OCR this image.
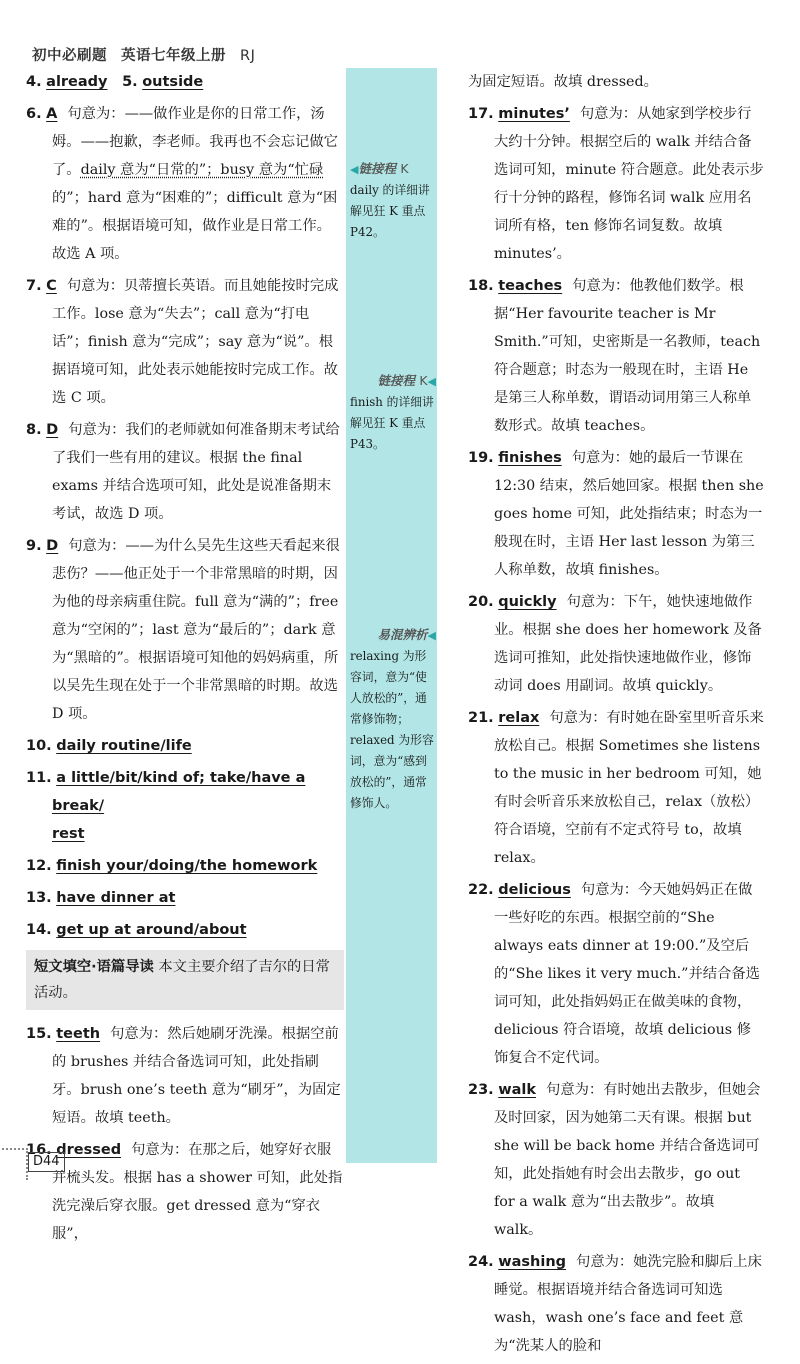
初中必刷题 英语七年级上册 RJ
4. already 5. outside
6. A 句意为：——做作业是你的日常工作，汤姆。——抱歉，李老师。我再也不会忘记做它了。daily 意为“日常的”；busy 意为“忙碌的”；hard 意为“困难的”；difficult 意为“困难的”。根据语境可知，做作业是日常工作。故选 A 项。
7. C 句意为：贝蒂擅长英语。而且她能按时完成工作。lose 意为“失去”；call 意为“打电话”；finish 意为“完成”；say 意为“说”。根据语境可知，此处表示她能按时完成工作。故选 C 项。
8. D 句意为：我们的老师就如何准备期末考试给了我们一些有用的建议。根据 the final exams 并结合选项可知，此处是说准备期末考试，故选 D 项。
9. D 句意为：——为什么吴先生这些天看起来很悲伤？——他正处于一个非常黑暗的时期，因为他的母亲病重住院。full 意为“满的”；free 意为“空闲的”；last 意为“最后的”；dark 意为“黑暗的”。根据语境可知他的妈妈病重，所以吴先生现在处于一个非常黑暗的时期。故选 D 项。
10. daily routine/life
11. a little/bit/kind of; take/have a break/
rest
12. finish your/doing/the homework
13. have dinner at
14. get up at around/about
短文填空·语篇导读 本文主要介绍了吉尔的日常活动。
15. teeth 句意为：然后她刷牙洗澡。根据空前的 brushes 并结合备选词可知，此处指刷牙。brush one’s teeth 意为“刷牙”，为固定短语。故填 teeth。
16. dressed 句意为：在那之后，她穿好衣服并梳头发。根据 has a shower 可知，此处指洗完澡后穿衣服。get dressed 意为“穿衣服”，
◀链接程 K
daily 的详细讲解见狂 K 重点 P42。
链接程 K◀
finish 的详细讲解见狂 K 重点 P43。
易混辨析◀
relaxing 为形容词，意为“使人放松的”，通常修饰物；relaxed 为形容词，意为“感到放松的”，通常修饰人。
为固定短语。故填 dressed。
17. minutes’ 句意为：从她家到学校步行大约十分钟。根据空后的 walk 并结合备选词可知，minute 符合题意。此处表示步行十分钟的路程，修饰名词 walk 应用名词所有格，ten 修饰名词复数。故填 minutes’。
18. teaches 句意为：他教他们数学。根据“Her favourite teacher is Mr Smith.”可知，史密斯是一名教师，teach 符合题意；时态为一般现在时，主语 He 是第三人称单数，谓语动词用第三人称单数形式。故填 teaches。
19. finishes 句意为：她的最后一节课在 12:30 结束，然后她回家。根据 then she goes home 可知，此处指结束；时态为一般现在时，主语 Her last lesson 为第三人称单数，故填 finishes。
20. quickly 句意为：下午，她快速地做作业。根据 she does her homework 及备选词可推知，此处指快速地做作业，修饰动词 does 用副词。故填 quickly。
21. relax 句意为：有时她在卧室里听音乐来放松自己。根据 Sometimes she listens to the music in her bedroom 可知，她有时会听音乐来放松自己，relax（放松）符合语境，空前有不定式符号 to，故填 relax。
22. delicious 句意为：今天她妈妈正在做一些好吃的东西。根据空前的“She always eats dinner at 19:00.”及空后的“She likes it very much.”并结合备选词可知，此处指妈妈正在做美味的食物，delicious 符合语境，故填 delicious 修饰复合不定代词。
23. walk 句意为：有时她出去散步，但她会及时回家，因为她第二天有课。根据 but she will be back home 并结合备选词可知，此处指她有时会出去散步，go out for a walk 意为“出去散步”。故填 walk。
24. washing 句意为：她洗完脸和脚后上床睡觉。根据语境并结合备选词可知选 wash，wash one’s face and feet 意为“洗某人的脸和
D44
